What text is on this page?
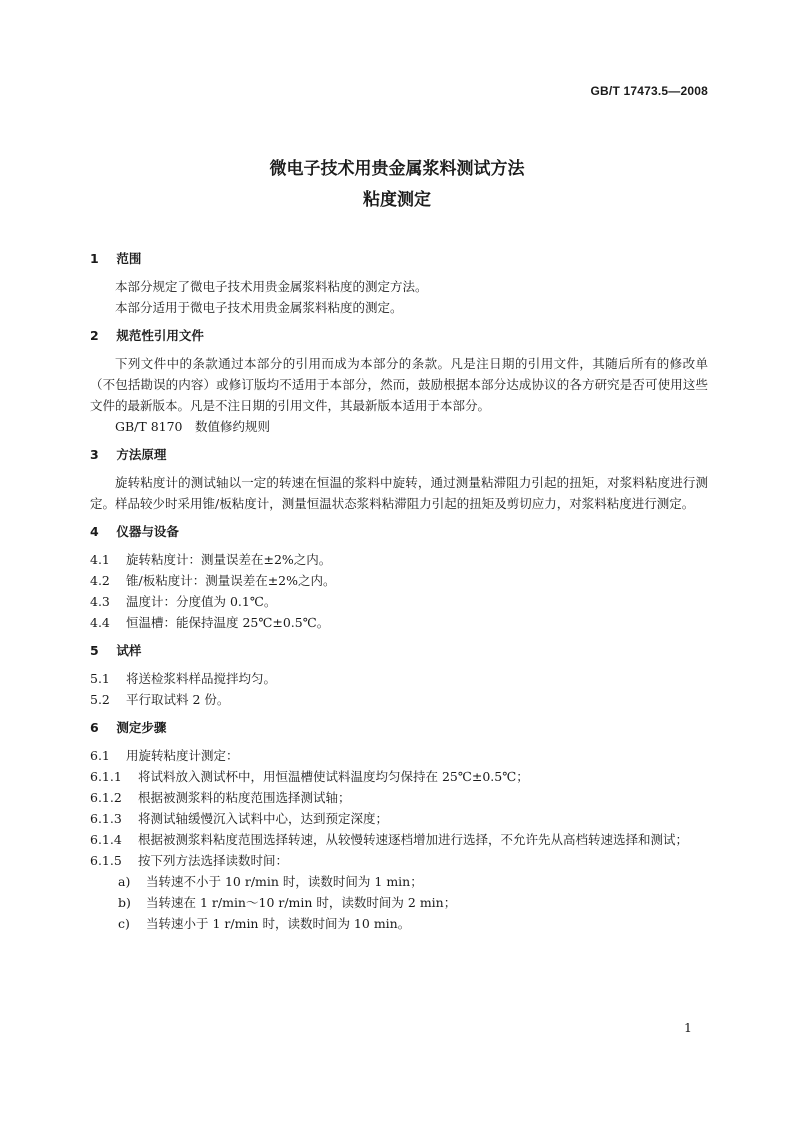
GB/T 17473.5—2008
微电子技术用贵金属浆料测试方法
粘度测定
1 范围

本部分规定了微电子技术用贵金属浆料粘度的测定方法。

本部分适用于微电子技术用贵金属浆料粘度的测定。

2 规范性引用文件

下列文件中的条款通过本部分的引用而成为本部分的条款。凡是注日期的引用文件，其随后所有的修改单（不包括勘误的内容）或修订版均不适用于本部分，然而，鼓励根据本部分达成协议的各方研究是否可使用这些文件的最新版本。凡是不注日期的引用文件，其最新版本适用于本部分。

GB/T 8170　数值修约规则

3 方法原理

旋转粘度计的测试轴以一定的转速在恒温的浆料中旋转，通过测量粘滞阻力引起的扭矩，对浆料粘度进行测定。样品较少时采用锥/板粘度计，测量恒温状态浆料粘滞阻力引起的扭矩及剪切应力，对浆料粘度进行测定。

4 仪器与设备

4.1 旋转粘度计：测量误差在±2%之内。

4.2 锥/板粘度计：测量误差在±2%之内。

4.3 温度计：分度值为 0.1℃。

4.4 恒温槽：能保持温度 25℃±0.5℃。

5 试样

5.1 将送检浆料样品搅拌均匀。

5.2 平行取试料 2 份。

6 测定步骤

6.1 用旋转粘度计测定：

6.1.1 将试料放入测试杯中，用恒温槽使试料温度均匀保持在 25℃±0.5℃；

6.1.2 根据被测浆料的粘度范围选择测试轴；

6.1.3 将测试轴缓慢沉入试料中心，达到预定深度；

6.1.4 根据被测浆料粘度范围选择转速，从较慢转速逐档增加进行选择，不允许先从高档转速选择和测试；

6.1.5 按下列方法选择读数时间：

a) 当转速不小于 10 r/min 时，读数时间为 1 min；

b) 当转速在 1 r/min～10 r/min 时，读数时间为 2 min；

c) 当转速小于 1 r/min 时，读数时间为 10 min。

1
